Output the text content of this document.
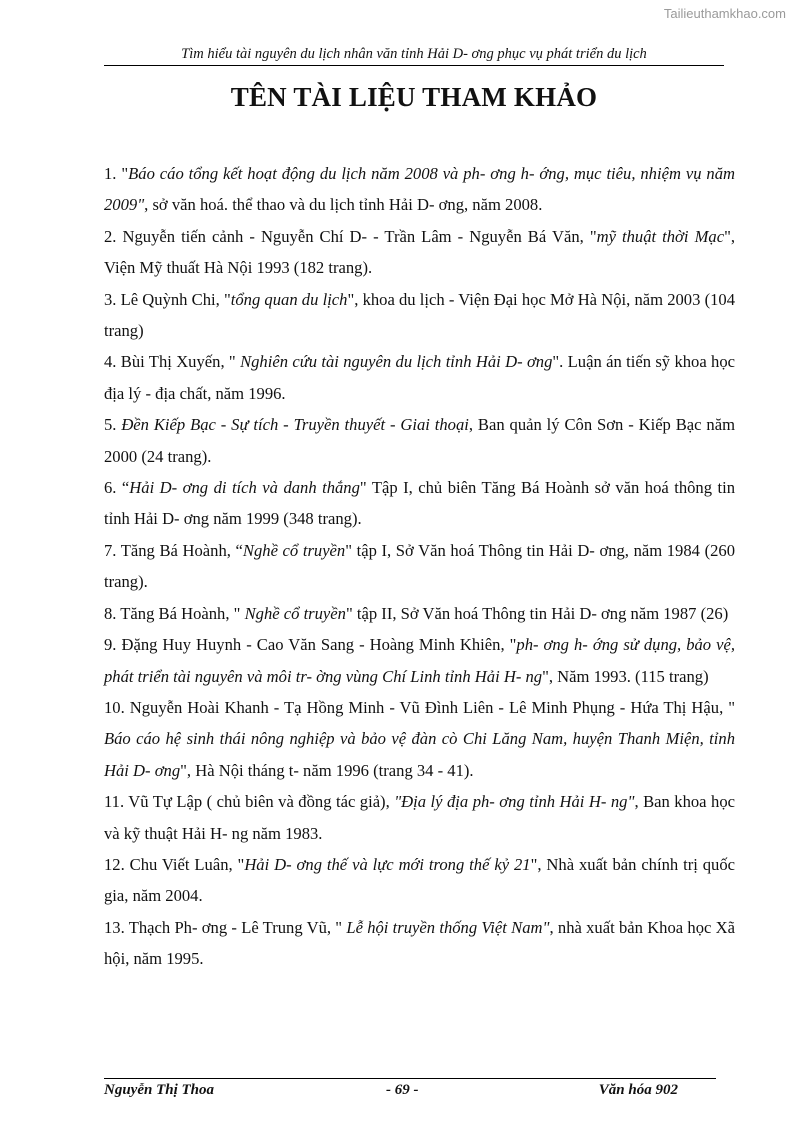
Tailieuthamkhao.com
Tìm hiểu tài nguyên du lịch nhân văn tỉnh Hải D- ơng phục vụ phát triển du lịch
TÊN TÀI LIỆU THAM KHẢO

1. "Báo cáo tổng kết hoạt động du lịch năm 2008 và ph- ơng h- ớng, mục tiêu, nhiệm vụ năm 2009", sở văn hoá. thể thao và du lịch tỉnh Hải D- ơng, năm 2008.

2. Nguyễn tiến cảnh - Nguyễn Chí D- - Trần Lâm - Nguyễn Bá Văn, "mỹ thuật thời Mạc", Viện Mỹ thuất Hà Nội 1993 (182 trang).

3. Lê Quỳnh Chi, "tổng quan du lịch", khoa du lịch - Viện Đại học Mở Hà Nội, năm 2003 (104 trang)

4. Bùi Thị Xuyến, " Nghiên cứu tài nguyên du lịch tỉnh Hải D- ơng". Luận án tiến sỹ khoa học địa lý - địa chất, năm 1996.

5. Đền Kiếp Bạc - Sự tích - Truyền thuyết - Giai thoại, Ban quản lý Côn Sơn - Kiếp Bạc năm 2000 (24 trang).

6. “Hải D- ơng di tích và danh thắng" Tập I, chủ biên Tăng Bá Hoành sở văn hoá thông tin tỉnh Hải D- ơng năm 1999 (348 trang).

7. Tăng Bá Hoành, “Nghề cổ truyền" tập I, Sở Văn hoá Thông tin Hải D- ơng, năm 1984 (260 trang).

8. Tăng Bá Hoành, " Nghề cổ truyền" tập II, Sở Văn hoá Thông tin Hải D- ơng năm 1987 (26)

9. Đặng Huy Huynh - Cao Văn Sang - Hoàng Minh Khiên, "ph- ơng h- ớng sử dụng, bảo vệ, phát triển tài nguyên và môi tr- ờng vùng Chí Linh tỉnh Hải H- ng", Năm 1993. (115 trang)

10. Nguyễn Hoài Khanh - Tạ Hồng Minh - Vũ Đình Liên - Lê Minh Phụng - Hứa Thị Hậu, " Báo cáo hệ sinh thái nông nghiệp và bảo vệ đàn cò Chi Lăng Nam, huyện Thanh Miện, tỉnh Hải D- ơng", Hà Nội tháng t- năm 1996 (trang 34 - 41).

11. Vũ Tự Lập ( chủ biên và đồng tác giả), "Địa lý địa ph- ơng tỉnh Hải H- ng", Ban khoa học và kỹ thuật Hải H- ng năm 1983.

12. Chu Viết Luân, "Hải D- ơng thế và lực mới trong thế kỷ 21", Nhà xuất bản chính trị quốc gia, năm 2004.

13. Thạch Ph- ơng - Lê Trung Vũ, " Lễ hội truyền thống Việt Nam", nhà xuất bản Khoa học Xã hội, năm 1995.

Nguyễn Thị Thoa	- 69 -	Văn hóa 902
